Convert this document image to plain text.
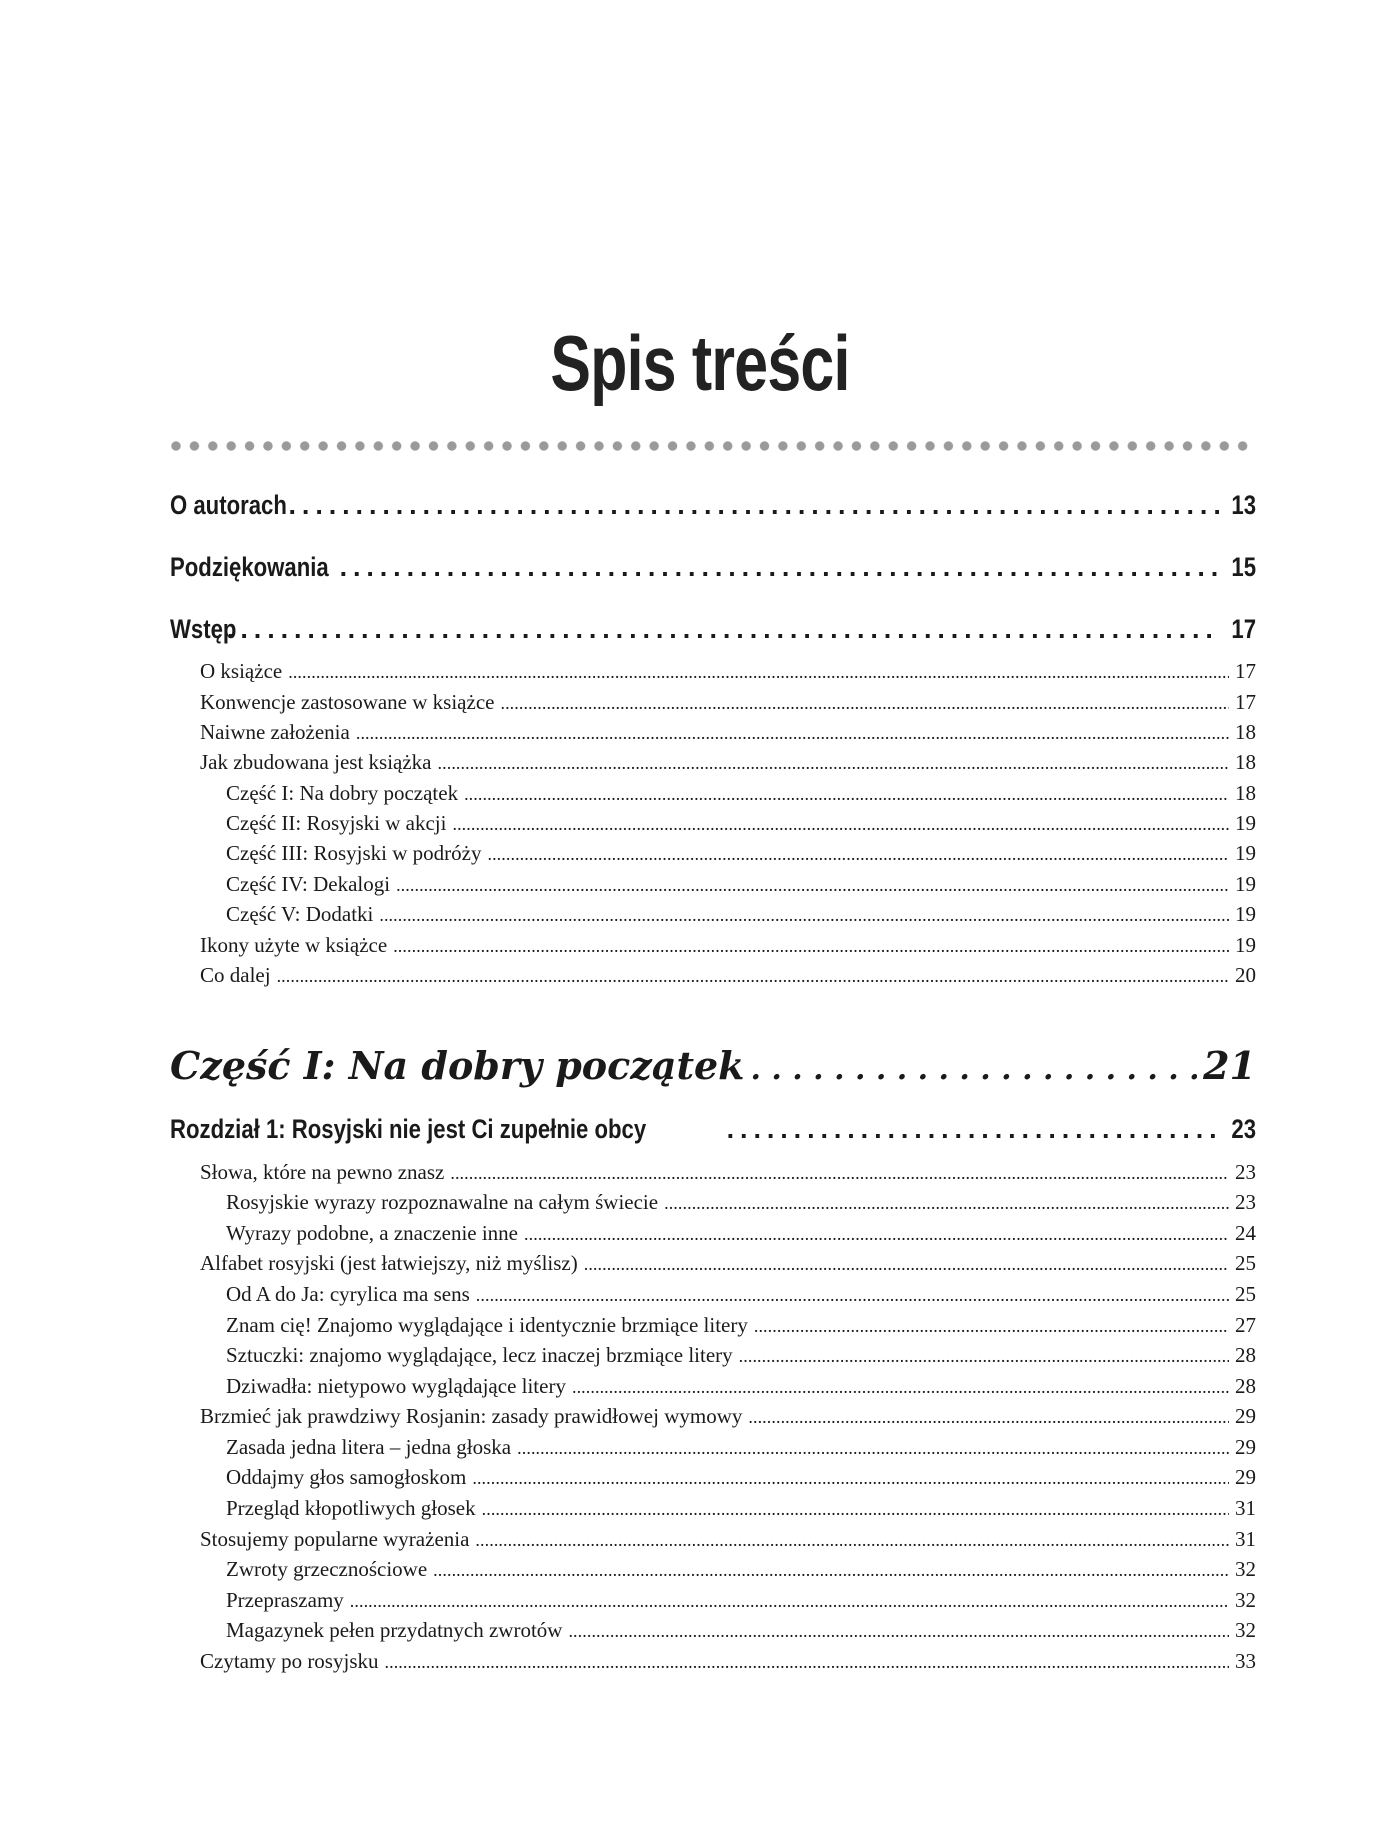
Spis treści
O autorach . . .	13
Podziękowania . . .	15
Wstęp . . .	17
O książce . . .	17
Konwencje zastosowane w książce . . .	17
Naiwne założenia . . .	18
Jak zbudowana jest książka . . .	18
Część I: Na dobry początek . . .	18
Część II: Rosyjski w akcji . . .	19
Część III: Rosyjski w podróży . . .	19
Część IV: Dekalogi . . .	19
Część V: Dodatki . . .	19
Ikony użyte w książce . . .	19
Co dalej . . .	20
Część I: Na dobry początek . . .	21
Rozdział 1: Rosyjski nie jest Ci zupełnie obcy . . .	23
Słowa, które na pewno znasz . . .	23
Rosyjskie wyrazy rozpoznawalne na całym świecie . . .	23
Wyrazy podobne, a znaczenie inne . . .	24
Alfabet rosyjski (jest łatwiejszy, niż myślisz) . . .	25
Od A do Ja: cyrylica ma sens . . .	25
Znam cię! Znajomo wyglądające i identycznie brzmiące litery . . .	27
Sztuczki: znajomo wyglądające, lecz inaczej brzmiące litery . . .	28
Dziwadła: nietypowo wyglądające litery . . .	28
Brzmieć jak prawdziwy Rosjanin: zasady prawidłowej wymowy . . .	29
Zasada jedna litera – jedna głoska . . .	29
Oddajmy głos samogłoskom . . .	29
Przegląd kłopotliwych głosek . . .	31
Stosujemy popularne wyrażenia . . .	31
Zwroty grzecznościowe . . .	32
Przepraszamy . . .	32
Magazynek pełen przydatnych zwrotów . . .	32
Czytamy po rosyjsku . . .	33
